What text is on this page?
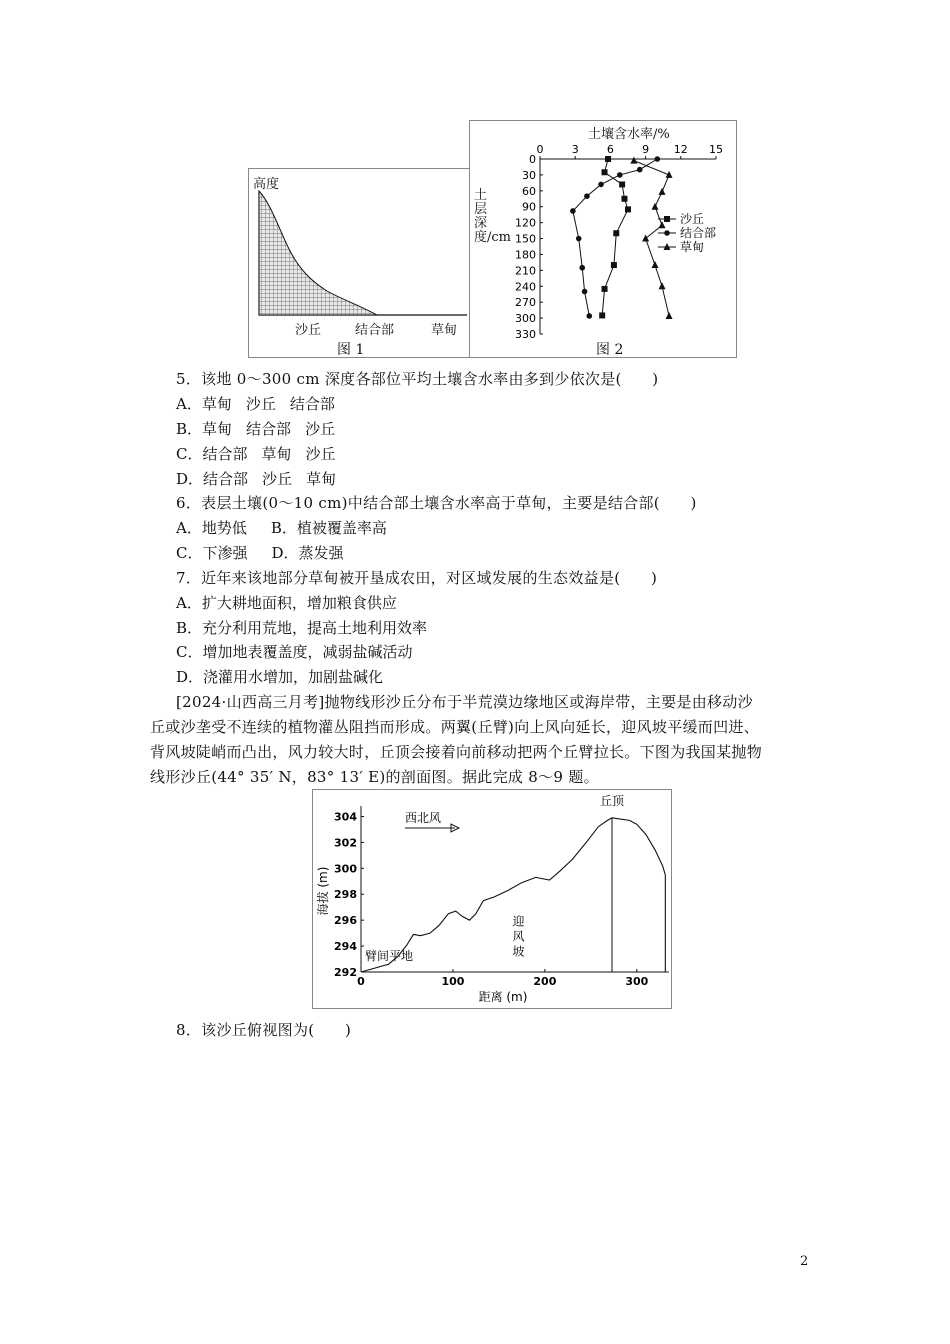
高度
沙丘	结合部	草甸
图 1
土壤含水率/%
土层深度/cm
0	3	6	9 12 15
0
30
60
90
120
150
180
210
240
270
300
330
沙丘
结合部
草甸
图 2
5．该地 0～300 cm 深度各部位平均土壤含水率由多到少依次是(　　)
A．草甸 沙丘 结合部
B．草甸 结合部 沙丘
C．结合部 草甸 沙丘
D．结合部 沙丘 草甸
6．表层土壤(0～10 cm)中结合部土壤含水率高于草甸，主要是结合部(　　)
A．地势低 B．植被覆盖率高
C．下渗强 D．蒸发强
7．近年来该地部分草甸被开垦成农田，对区域发展的生态效益是(　　)
A．扩大耕地面积，增加粮食供应
B．充分利用荒地，提高土地利用效率
C．增加地表覆盖度，减弱盐碱活动
D．浇灌用水增加，加剧盐碱化
[2024·山西高三月考]抛物线形沙丘分布于半荒漠边缘地区或海岸带，主要是由移动沙
丘或沙垄受不连续的植物灌丛阻挡而形成。两翼(丘臂)向上风向延长，迎风坡平缓而凹进、
背风坡陡峭而凸出，风力较大时，丘顶会接着向前移动把两个丘臂拉长。下图为我国某抛物
线形沙丘(44° 35′ N，83° 13′ E)的剖面图。据此完成 8～9 题。
0	100	200	300
292
294
296
298
300
302
304
距离 (m)
海拔 (m)
西北风
丘顶
迎风坡
臂间平地
8．该沙丘俯视图为(　　)
2
